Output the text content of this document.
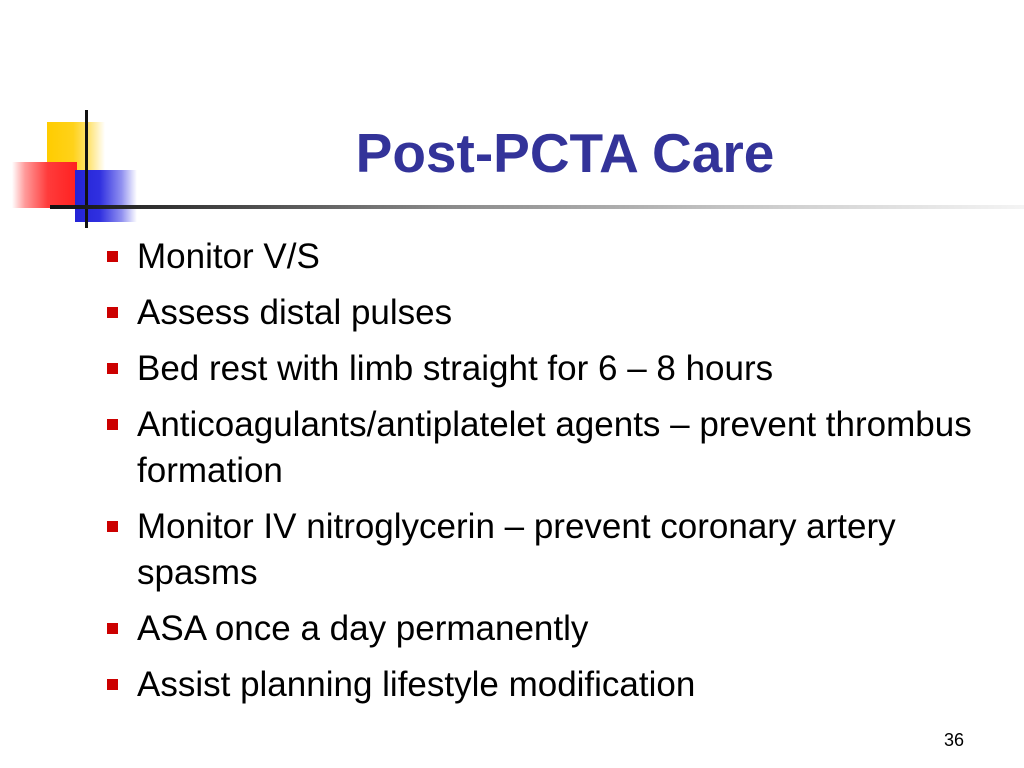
Post-PCTA Care
Monitor V/S
Assess distal pulses
Bed rest with limb straight for 6 – 8 hours
Anticoagulants/antiplatelet agents – prevent thrombus formation
Monitor IV nitroglycerin – prevent coronary artery spasms
ASA once a day permanently
Assist planning lifestyle modification
36
